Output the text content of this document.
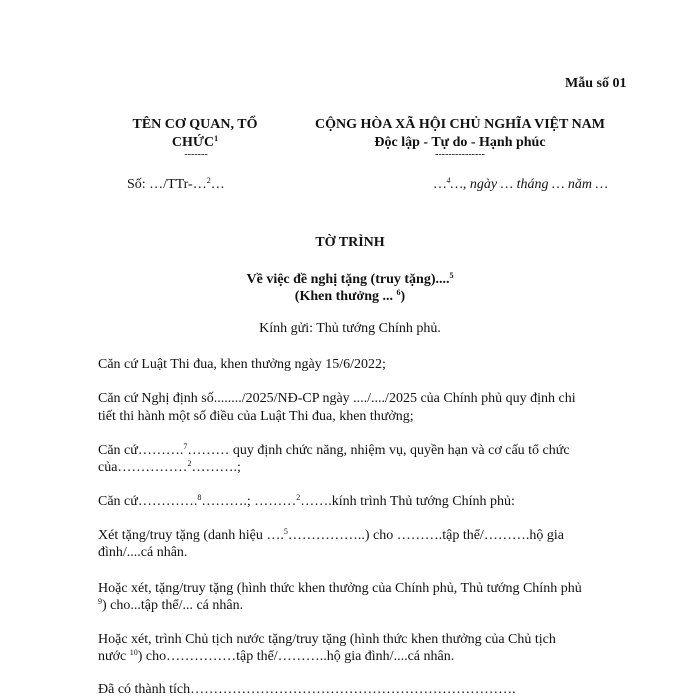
Mẫu số 01
TÊN CƠ QUAN, TỔ
CHỨC$^1$
-------
CỘNG HÒA XÃ HỘI CHỦ NGHĨA VIỆT NAM
Độc lập - Tự do - Hạnh phúc
---------------
Số: …/TTr-…$^2$…	…$^4$…, ngày … tháng … năm …
TỜ TRÌNH
Về việc đề nghị tặng (truy tặng)....$^5$
(Khen thưởng ... $^6$)
Kính gửi: Thủ tướng Chính phủ.
Căn cứ Luật Thi đua, khen thưởng ngày 15/6/2022;
Căn cứ Nghị định số......../2025/NĐ-CP ngày ..../..../2025 của Chính phủ quy định chi
tiết thi hành một số điều của Luật Thi đua, khen thưởng;
Căn cứ……….$^7$……… quy định chức năng, nhiệm vụ, quyền hạn và cơ cấu tổ chức
của……………$^2$……….;
Căn cứ………….$^8$……….; ………$^2$…….kính trình Thủ tướng Chính phủ:
Xét tặng/truy tặng (danh hiệu ….$^5$……………..) cho ……….tập thể/……….hộ gia
đình/....cá nhân.
Hoặc xét, tặng/truy tặng (hình thức khen thưởng của Chính phủ, Thủ tướng Chính phủ
$^9$) cho...tập thể/... cá nhân.
Hoặc xét, trình Chủ tịch nước tặng/truy tặng (hình thức khen thưởng của Chủ tịch
nước $^{10}$) cho……………tập thể/………..hộ gia đình/....cá nhân.
Đã có thành tích…………………………………………………………….
